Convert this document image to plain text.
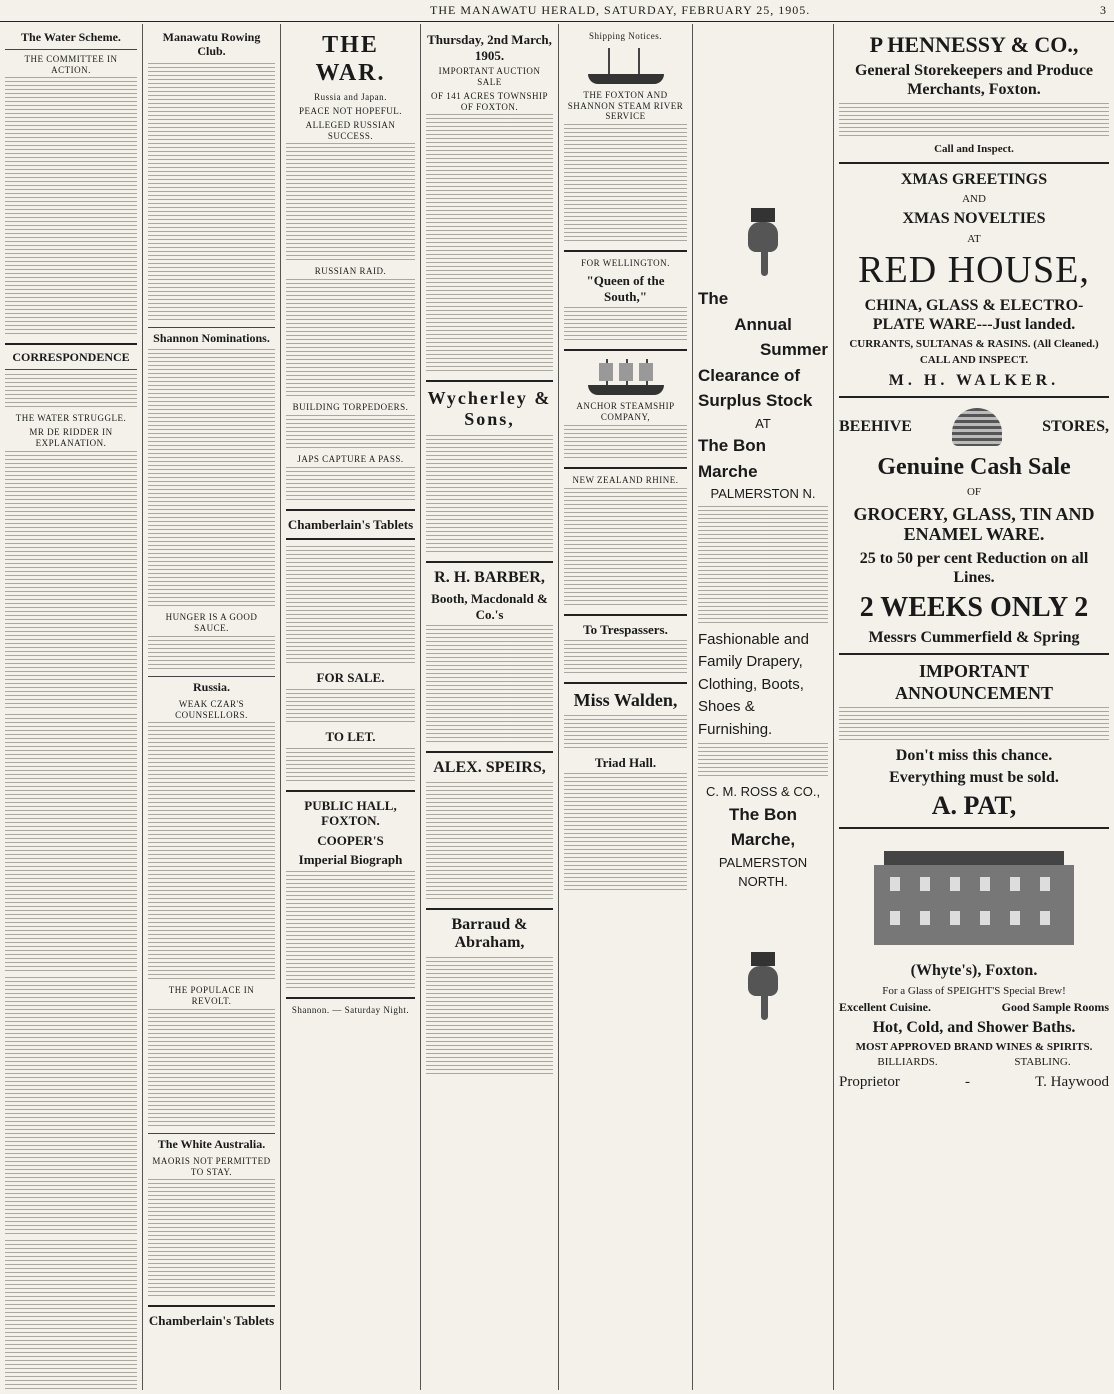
THE MANAWATU HERALD, SATURDAY, FEBRUARY 25, 1905.	3
The Water Scheme.
THE COMMITTEE IN ACTION.
CORRESPONDENCE
THE WATER STRUGGLE.
MR DE RIDDER IN EXPLANATION.
Manawatu Rowing Club.
Shannon Nominations.
HUNGER IS A GOOD SAUCE.
Russia.
WEAK CZAR'S COUNSELLORS.
THE POPULACE IN REVOLT.
The White Australia.
MAORIS NOT PERMITTED TO STAY.
Chamberlain's Tablets
THE WAR.
Russia and Japan.
PEACE NOT HOPEFUL.
ALLEGED RUSSIAN SUCCESS.
RUSSIAN RAID.
BUILDING TORPEDOERS.
JAPS CAPTURE A PASS.
Chamberlain's Tablets
FOR SALE.
TO LET.
PUBLIC HALL, FOXTON.
COOPER'S
Imperial Biograph
Shannon. — Saturday Night.
Thursday, 2nd March, 1905.
IMPORTANT AUCTION SALE
OF 141 ACRES TOWNSHIP OF FOXTON.
Wycherley & Sons,
R. H. BARBER,
Booth, Macdonald & Co.'s
ALEX. SPEIRS,
Barraud & Abraham,
Shipping Notices.
THE FOXTON AND SHANNON STEAM RIVER SERVICE
FOR WELLINGTON.
"Queen of the South,"
ANCHOR STEAMSHIP COMPANY,
NEW ZEALAND RHINE.
To Trespassers.
Miss Walden,
Triad Hall.
The
Annual
Summer
Clearance of
Surplus Stock
AT
The Bon Marche
PALMERSTON N.
Fashionable and Family Drapery, Clothing, Boots, Shoes & Furnishing.
C. M. ROSS & CO.,
The Bon Marche,
PALMERSTON NORTH.
P HENNESSY & CO.,
General Storekeepers and Produce Merchants, Foxton.
Call and Inspect.
XMAS GREETINGS
AND
XMAS NOVELTIES
AT
RED HOUSE,
CHINA, GLASS & ELECTRO-PLATE WARE---Just landed.
CURRANTS, SULTANAS & RASINS. (All Cleaned.)
CALL AND INSPECT.
M. H. WALKER.
BEEHIVE	STORES,
Genuine Cash Sale
OF
GROCERY, GLASS, TIN AND ENAMEL WARE.
25 to 50 per cent Reduction on all Lines.
2 WEEKS ONLY 2
Messrs Cummerfield & Spring
IMPORTANT ANNOUNCEMENT
Don't miss this chance.
Everything must be sold.
A. PAT,
(Whyte's), Foxton.
For a Glass of SPEIGHT'S Special Brew!
Excellent Cuisine.	Good Sample Rooms
Hot, Cold, and Shower Baths.
MOST APPROVED BRAND WINES & SPIRITS.
BILLIARDS.	STABLING.
Proprietor	-	T. Haywood
